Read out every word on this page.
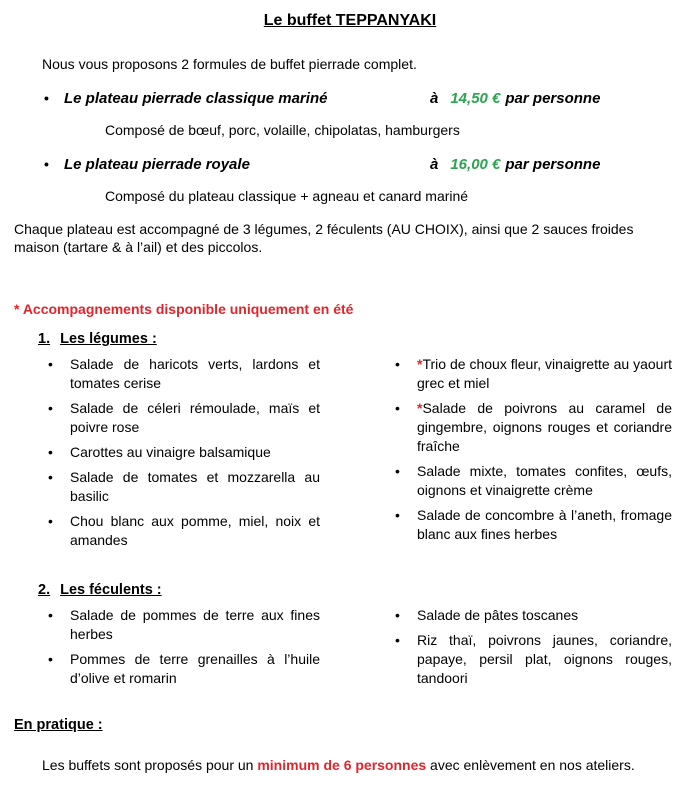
Le buffet TEPPANYAKI
Nous vous proposons 2 formules de buffet pierrade complet.
• Le plateau pierrade classique mariné	à 14,50 € par personne
Composé de bœuf, porc, volaille, chipolatas, hamburgers
• Le plateau pierrade royale	à 16,00 € par personne
Composé du plateau classique + agneau et canard mariné
Chaque plateau est accompagné de 3 légumes, 2 féculents (AU CHOIX), ainsi que 2 sauces froides maison (tartare & à l’ail) et des piccolos.
* Accompagnements disponible uniquement en été
1. Les légumes :
•	Salade de haricots verts, lardons et tomates cerise
•	Salade de céleri rémoulade, maïs et poivre rose
•	Carottes au vinaigre balsamique
•	Salade de tomates et mozzarella au basilic
•	Chou blanc aux pomme, miel, noix et amandes
•	*Trio de choux fleur, vinaigrette au yaourt grec et miel
•	*Salade de poivrons au caramel de gingembre, oignons rouges et coriandre fraîche
•	Salade mixte, tomates confites, œufs, oignons et vinaigrette crème
•	Salade de concombre à l’aneth, fromage blanc aux fines herbes
2. Les féculents :
•	Salade de pommes de terre aux fines herbes
•	Pommes de terre grenailles à l’huile d’olive et romarin
•	Salade de pâtes toscanes
•	Riz thaï, poivrons jaunes, coriandre, papaye, persil plat, oignons rouges, tandoori
En pratique :
Les buffets sont proposés pour un minimum de 6 personnes avec enlèvement en nos ateliers.
